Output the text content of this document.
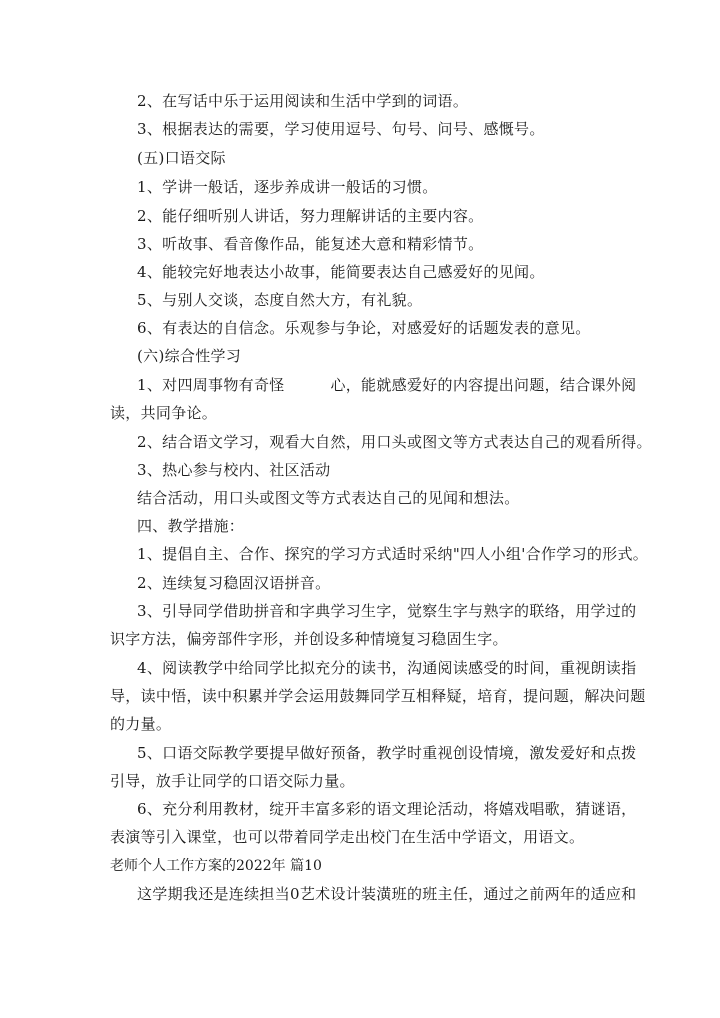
2、在写话中乐于运用阅读和生活中学到的词语。
3、根据表达的需要，学习使用逗号、句号、问号、感慨号。
(五)口语交际
1、学讲一般话，逐步养成讲一般话的习惯。
2、能仔细听别人讲话，努力理解讲话的主要内容。
3、听故事、看音像作品，能复述大意和精彩情节。
4、能较完好地表达小故事，能简要表达自己感爱好的见闻。
5、与别人交谈，态度自然大方，有礼貌。
6、有表达的自信念。乐观参与争论，对感爱好的话题发表的意见。
(六)综合性学习
1、对四周事物有奇怪　　　心，能就感爱好的内容提出问题，结合课外阅
读，共同争论。
2、结合语文学习，观看大自然，用口头或图文等方式表达自己的观看所得。
3、热心参与校内、社区活动
结合活动，用口头或图文等方式表达自己的见闻和想法。
四、教学措施：
1、提倡自主、合作、探究的学习方式适时采纳"四人小组'合作学习的形式。
2、连续复习稳固汉语拼音。
3、引导同学借助拼音和字典学习生字，觉察生字与熟字的联络，用学过的
识字方法，偏旁部件字形，并创设多种情境复习稳固生字。
4、阅读教学中给同学比拟充分的读书，沟通阅读感受的时间，重视朗读指
导，读中悟，读中积累并学会运用鼓舞同学互相释疑，培育，提问题，解决问题
的力量。
5、口语交际教学要提早做好预备，教学时重视创设情境，激发爱好和点拨
引导，放手让同学的口语交际力量。
6、充分利用教材，绽开丰富多彩的语文理论活动，将嬉戏唱歌，猜谜语，
表演等引入课堂，也可以带着同学走出校门在生活中学语文，用语文。
老师个人工作方案的2022年 篇10
这学期我还是连续担当0艺术设计装潢班的班主任，通过之前两年的适应和
